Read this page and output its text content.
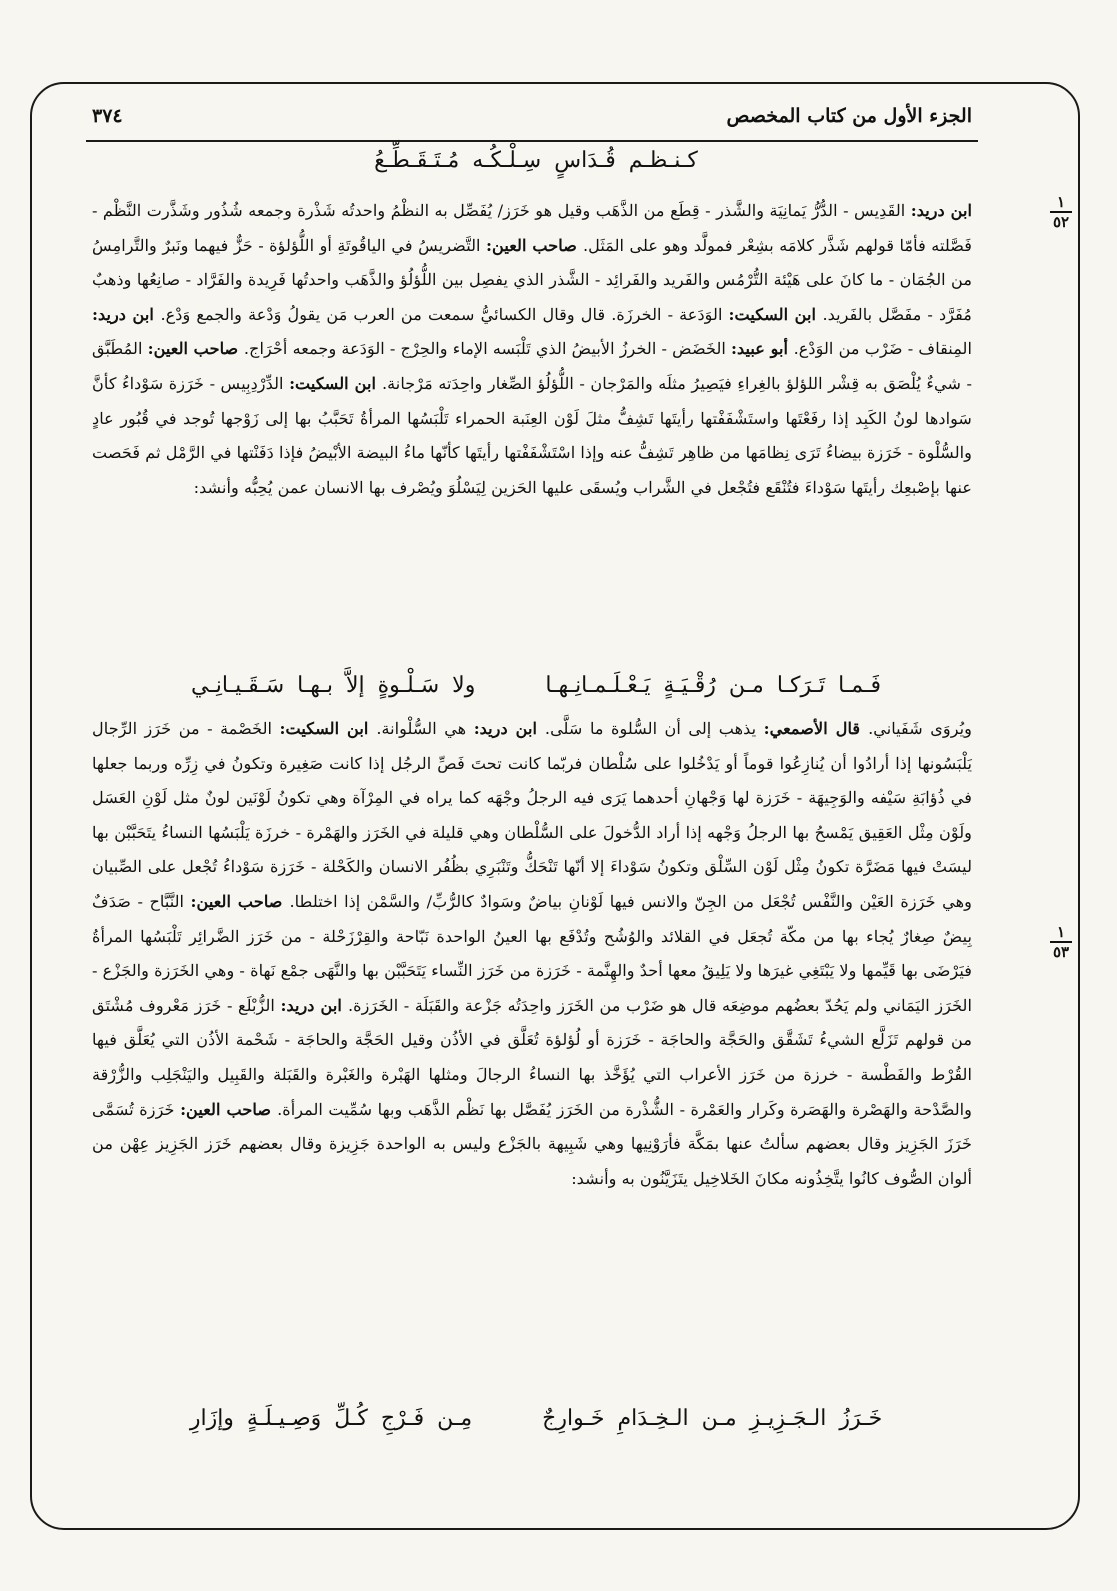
الجزء الأول من كتاب المخصص
٣٧٤
١
٥٢
١
٥٣
كـنـظـم قُـدَاسٍ سِـلْـكُـه مُـتَـقَـطِّـعُ

ابن دريد: القَدِيس - الدُّرُّ يَمانِيَة والشَّذر - قِطَع من الذَّهَب وقيل هو خَرَز/ يُفَصِّل به النظْمُ واحدتُه شَذْرة وجمعه شُذُور وشَذَّرت النَّظْم - فَصَّلته فأمّا قولهم شَذَّر كلامَه بشِعْر فمولَّد وهو على المَثَل. صاحب العين: التَّضريسُ في الياقُوتَةِ أو اللُّؤلؤة - حَزٌّ فيهما ونَبرٌ والتَّرامِسُ من الجُمَان - ما كانَ على هَيْئة التُّرْمُس والفَريد والفَرائِد - الشَّذر الذي يفصِل بين اللُّؤلُؤ والذَّهَب واحدتُها فَرِيدة والفَرَّاد - صانِعُها وذهبٌ مُفَرَّد - مفَصَّل بالفَريد. ابن السكيت: الوَدَعة - الخرزَة. قال وقال الكسائيُّ سمعت من العرب مَن يقولُ وَدْعة والجمع وَدْع. ابن دريد: المِنقاف - ضَرْب من الوَدْع. أبو عبيد: الخَضَض - الخرزُ الأبيضُ الذي تَلْبَسه الإماء والحِرْج - الوَدَعة وجمعه أحْرَاج. صاحب العين: المُطَبَّق - شيءٌ يُلْصَق به قِشْر اللؤلؤ بالغِراءِ فيَصِيرُ مثلَه والمَرْجان - اللُّؤلُؤ الصِّغار واحِدَته مَرْجانة. ابن السكيت: الدِّرْدِبِيس - خَرَزة سَوْداءُ كأنَّ سَوادها لونُ الكَبِد إذا رفَعْتَها واستَشْفَفْتها رأيتَها تَشِفُّ مثلَ لَوْن العِنَبة الحمراء تَلْبَسُها المرأةُ تَحَبَّبُ بها إلى زَوْجها تُوجد في قُبُور عادٍ والسُّلْوة - خَرَزة بيضاءُ تَرَى نِظامَها من ظاهِر تَشِفُّ عنه وإذا اسْتَشْفَفْتها رأيتَها كأنّها ماءُ البيضة الأبْيضُ فإذا دَفَنْتها في الرَّمْل ثم فَحَصت عنها بإصْبعِك رأيتَها سَوْداءَ فتُنْقَع فتُجْعل في الشَّراب ويُسقَى عليها الحَزين لِيَسْلُوَ ويُصْرف بها الانسان عمن يُحِبُّه وأنشد:

فَـمـا تَـرَكـا مـن رُقْـيَـةٍ يَـعْـلَـمـانِـهـا
ولا سَـلْـوةٍ إلاَّ بـهـا سَـقَـيـانِـي

ويُروَى شَفَياني. قال الأصمعي: يذهب إلى أن السُّلوة ما سَلَّى. ابن دريد: هي السُّلْوانة. ابن السكيت: الخَصْمة - من خَرَز الرِّجال يَلْبَسُونها إذا أرادُوا أن يُنازِعُوا قوماً أو يَدْخُلوا على سُلْطان فربّما كانت تحتَ فَصِّ الرجُل إذا كانت صَغِيرة وتكونُ في زِرِّه وربما جعلها في ذُؤابَةِ سَيْفه والوَجِيهَة - خَرَزة لها وَجْهانِ أحدهما يَرَى فيه الرجلُ وجْهَه كما يراه في المِرْآة وهي تكونُ لَوْنَين لونٌ مثل لَوْنِ العَسَل ولَوْن مِثْل العَقِيق يَمْسحُ بها الرجلُ وَجْهه إذا أراد الدُّخولَ على السُّلْطان وهي قليلة في الخَرَز والهَمْرة - خرزَة يَلْبَسُها النساءُ يتَحَبَّبْن بها ليسَتْ فيها مَضَرَّة تكونُ مِثْل لَوْن السِّلْق وتكونُ سَوْداءَ إلا أنّها تَنْحَكُّ وتَنْبَرِي بظُفُر الانسان والكَحْلة - خَرَزة سَوْداءُ تُجْعل على الصِّبيان وهي خَرَزة العَيْن والنَّفْس تُجْعَل من الجِنّ والانس فيها لَوْنانِ بياضٌ وسَوادٌ كالرُّبِّ/ والسَّمْن إذا اختلطا. صاحب العين: النَّبَّاح - صَدَفٌ بِيضٌ صِغارٌ يُجاء بها من مكّة تُجعَل في القلائد والوُشُح وتُدْفَع بها العينُ الواحدة نَبّاحة والقِرْزَحْلة - من خَرَز الضَّرائِر تَلْبَسُها المرأةُ فيَرْضَى بها قَيِّمها ولا يَبْتَغِي غيرَها ولا يَلِيقُ معها أحدٌ والهِنَّمة - خَرَزة من خَرَز النِّساء يَتَحَبَّبْن بها والنَّهَى جمْع نَهاة - وهي الخَرَزة والجَزْع - الخَرَز اليَمَاني ولم يَحُدّ بعضُهم موضِعَه قال هو ضَرْب من الخَرَز واحِدَتُه جَزْعة والقَبَلَة - الخَرَزة. ابن دريد: الزُّبْلَع - خَرَز مَعْروف مُشْتَق من قولهم تَزَلَّع الشيءُ تَشَقَّق والحَجَّة والحاجَة - خَرَزة أو لُؤلؤة تُعَلَّق في الأذُن وقيل الحَجَّة والحاجَة - شَحْمة الأذُن التي يُعَلَّق فيها القُرْط والفَطْسة - خرزة من خَرَز الأعراب التي يُؤَخَّذ بها النساءُ الرجالَ ومثلها الهَبْرة والغَبْرة والقَبَلة والقَبِيل واليَنْجَلِب والزُّرْقة والصَّدْحة والهَصْرة والهَصَرة وكَرار والعَمْرة - الشُّذْرة من الخَرَز يُفَصَّل بها نَظْم الذَّهَب وبها سُمِّيت المرأة. صاحب العين: خَرَزة تُسَمَّى خَرَزَ الجَزِيز وقال بعضهم سألتُ عنها بمَكَّة فأرَوْنِيها وهي شَبِيهة بالجَزْع وليس به الواحدة جَزِيزة وقال بعضهم خَرَز الجَزِيز عِهْن من ألوان الصُّوف كانُوا يتَّخِذُونه مكانَ الخَلاخِيل يتَزَيَّنُون به وأنشد:

خَـرَزُ الـجَـزِيـزِ مـن الـخِـدَامِ خَـوارِجٌ
مِـن فَـرْجِ كُـلِّ وَصِـيـلَـةٍ وإزَارِ
